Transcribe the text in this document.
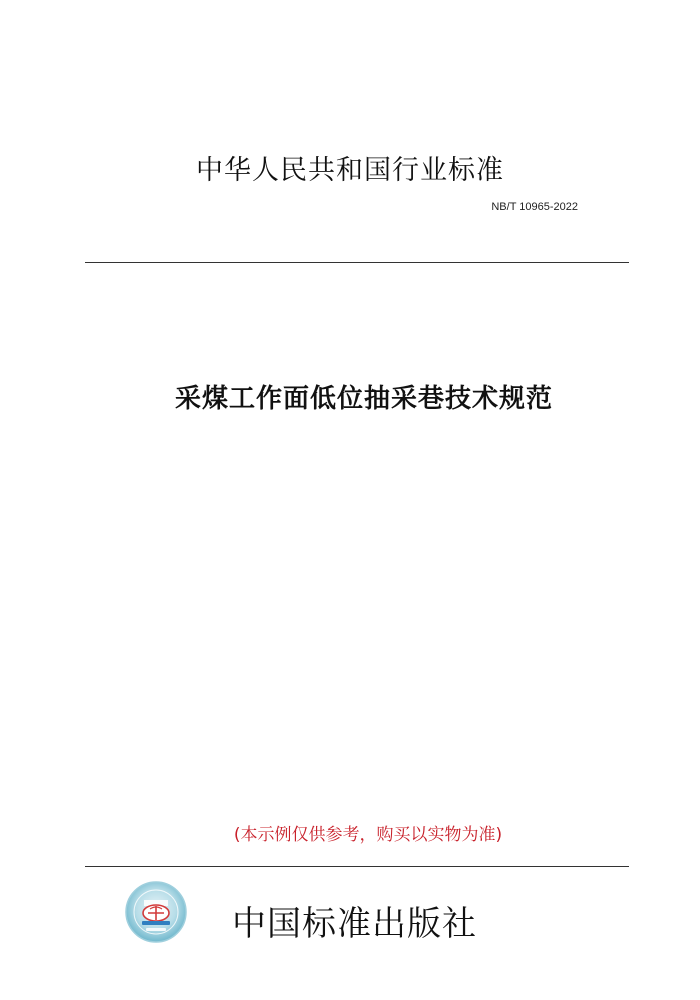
中华人民共和国行业标准
NB/T 10965-2022
采煤工作面低位抽采巷技术规范
(本示例仅供参考，购买以实物为准)
中国标准出版社
